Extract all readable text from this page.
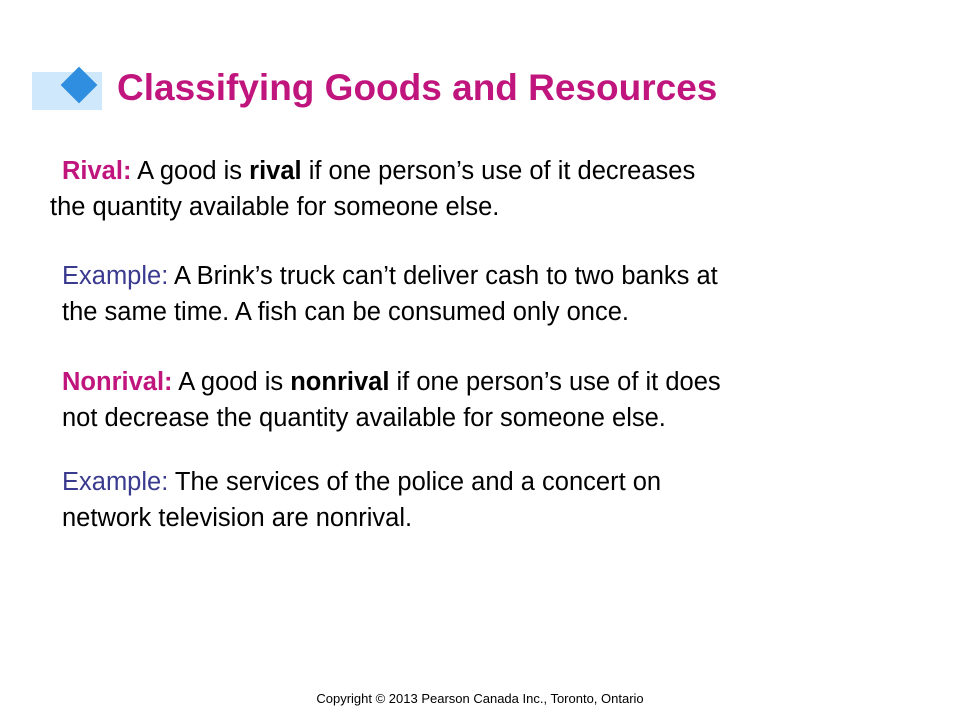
Classifying Goods and Resources

Rival: A good is rival if one person’s use of it decreases
the quantity available for someone else.

Example: A Brink’s truck can’t deliver cash to two banks at
the same time. A fish can be consumed only once.

Nonrival: A good is nonrival if one person’s use of it does
not decrease the quantity available for someone else.

Example: The services of the police and a concert on
network television are nonrival.

Copyright © 2013 Pearson Canada Inc., Toronto, Ontario
